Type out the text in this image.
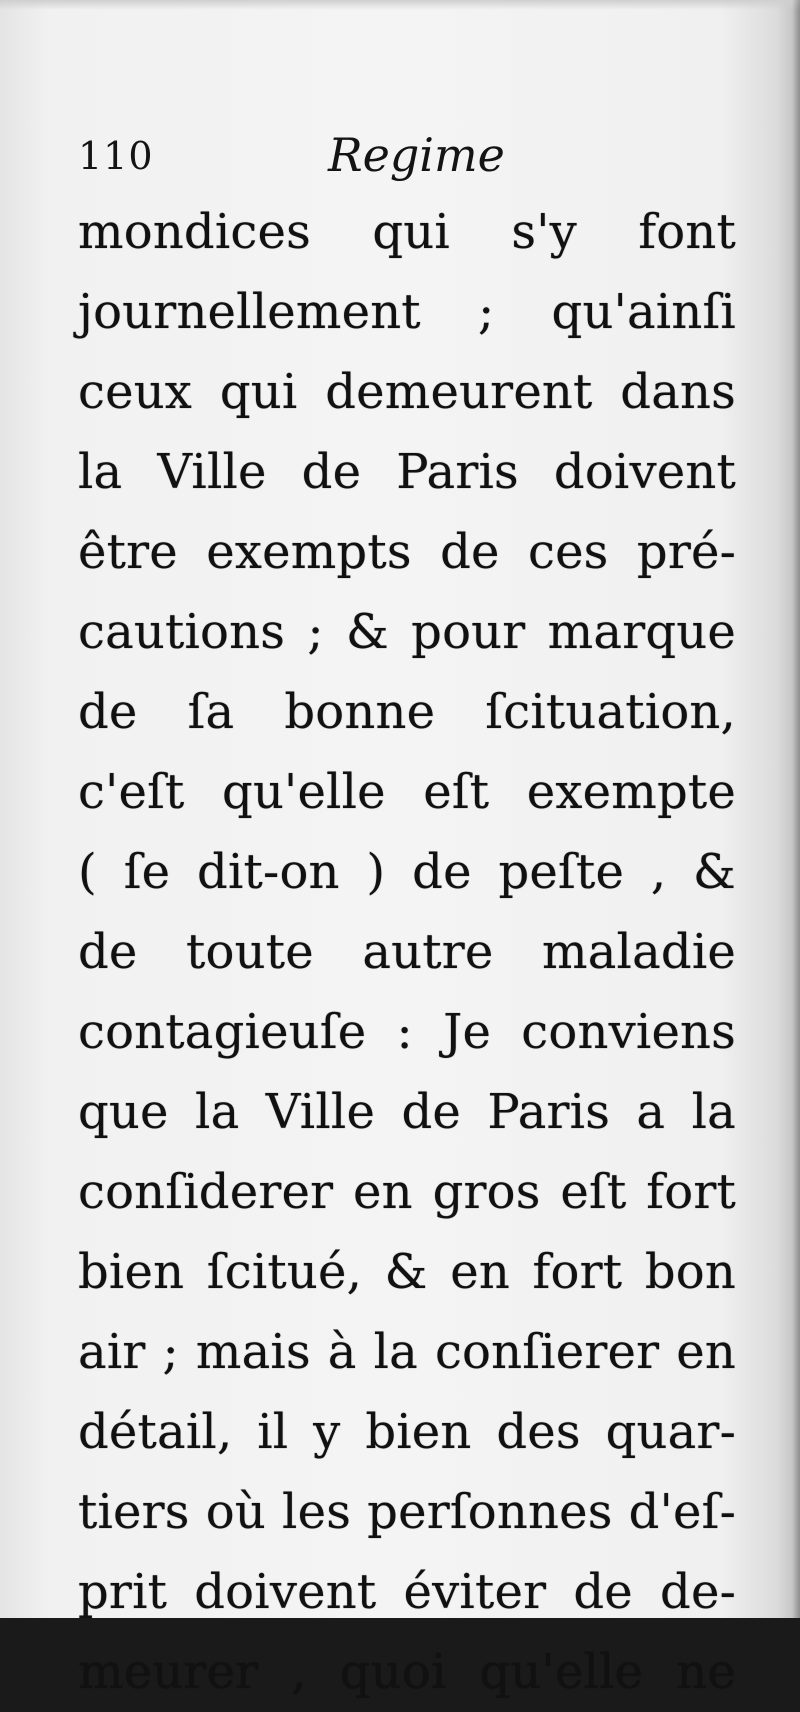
110	Regime
mondices qui s'y font
journellement ; qu'ainſi
ceux qui demeurent dans
la Ville de Paris doivent
être exempts de ces pré-
cautions ; & pour marque
de ſa bonne ſcituation,
c'eſt qu'elle eſt exempte
( ſe dit-on ) de peſte , &
de toute autre maladie
contagieuſe : Je conviens
que la Ville de Paris a la
conſiderer en gros eſt fort
bien ſcitué, & en fort bon
air ; mais à la conſierer en
détail, il y bien des quar-
tiers où les perſonnes d'eſ-
prit doivent éviter de de-
meurer , quoi qu'elle ne
